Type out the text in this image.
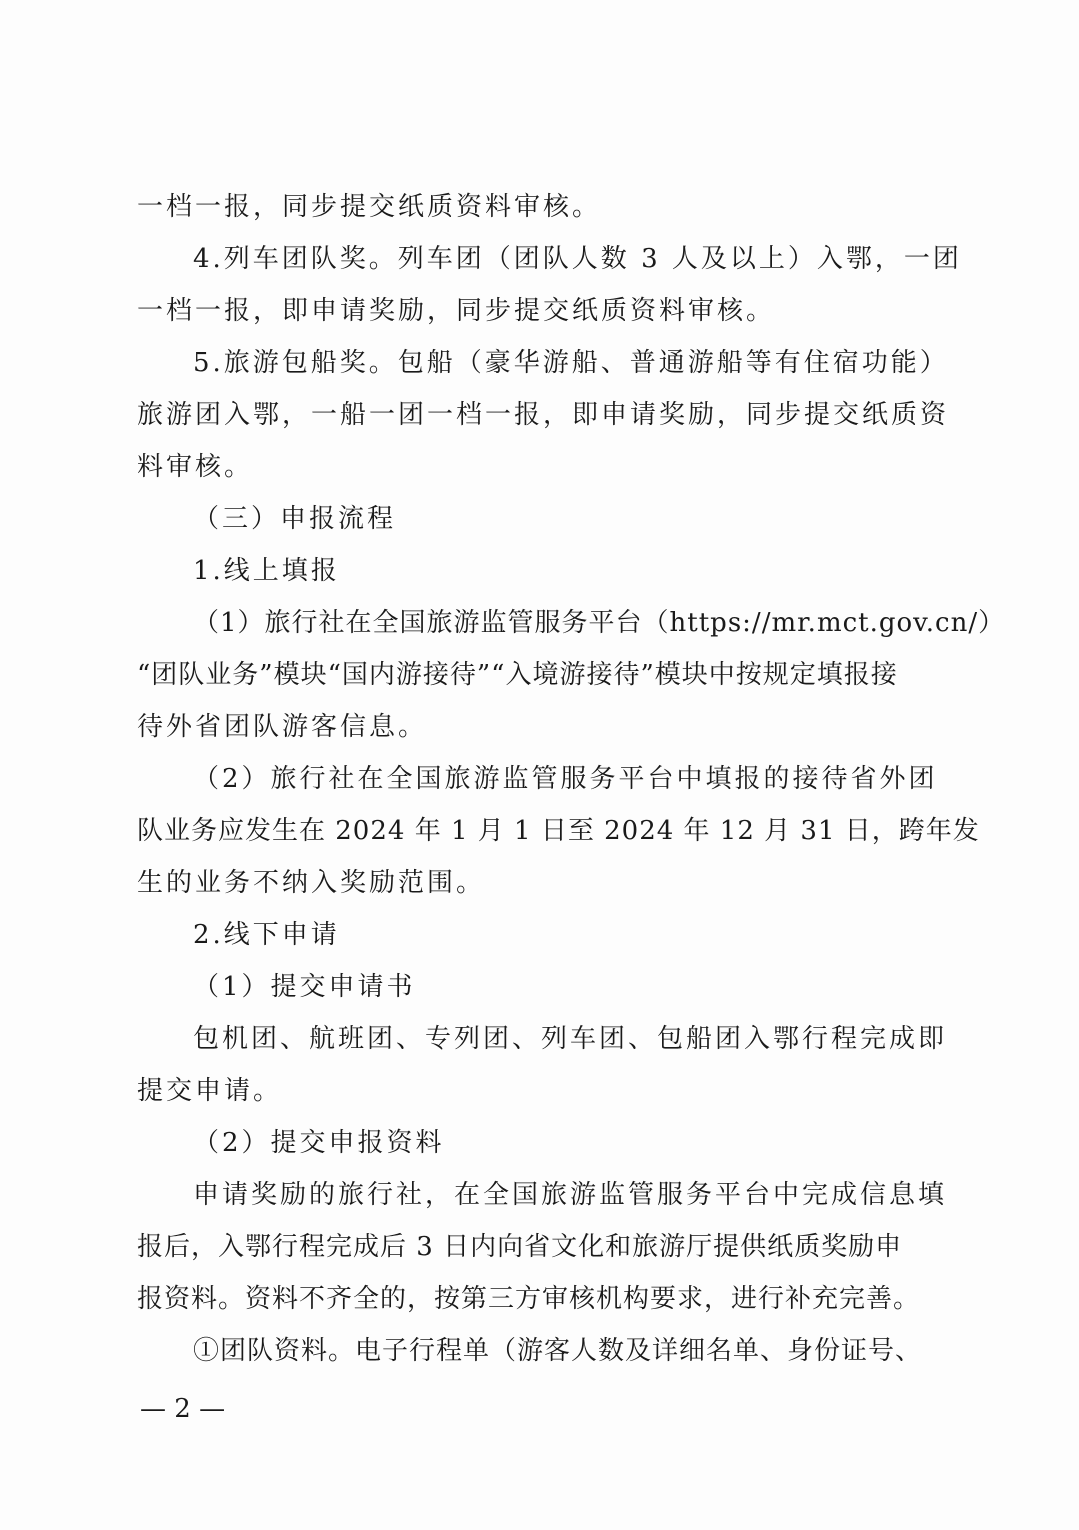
一档一报，同步提交纸质资料审核。
4.列车团队奖。列车团（团队人数 3 人及以上）入鄂，一团
一档一报，即申请奖励，同步提交纸质资料审核。
5.旅游包船奖。包船（豪华游船、普通游船等有住宿功能）
旅游团入鄂，一船一团一档一报，即申请奖励，同步提交纸质资
料审核。
（三）申报流程
1.线上填报
（1）旅行社在全国旅游监管服务平台（https://mr.mct.gov.cn/）
“团队业务”模块“国内游接待”“入境游接待”模块中按规定填报接
待外省团队游客信息。
（2）旅行社在全国旅游监管服务平台中填报的接待省外团
队业务应发生在 2024 年 1 月 1 日至 2024 年 12 月 31 日，跨年发
生的业务不纳入奖励范围。
2.线下申请
（1）提交申请书
包机团、航班团、专列团、列车团、包船团入鄂行程完成即
提交申请。
（2）提交申报资料
申请奖励的旅行社，在全国旅游监管服务平台中完成信息填
报后，入鄂行程完成后 3 日内向省文化和旅游厅提供纸质奖励申
报资料。资料不齐全的，按第三方审核机构要求，进行补充完善。
①团队资料。电子行程单（游客人数及详细名单、身份证号、
— 2 —
